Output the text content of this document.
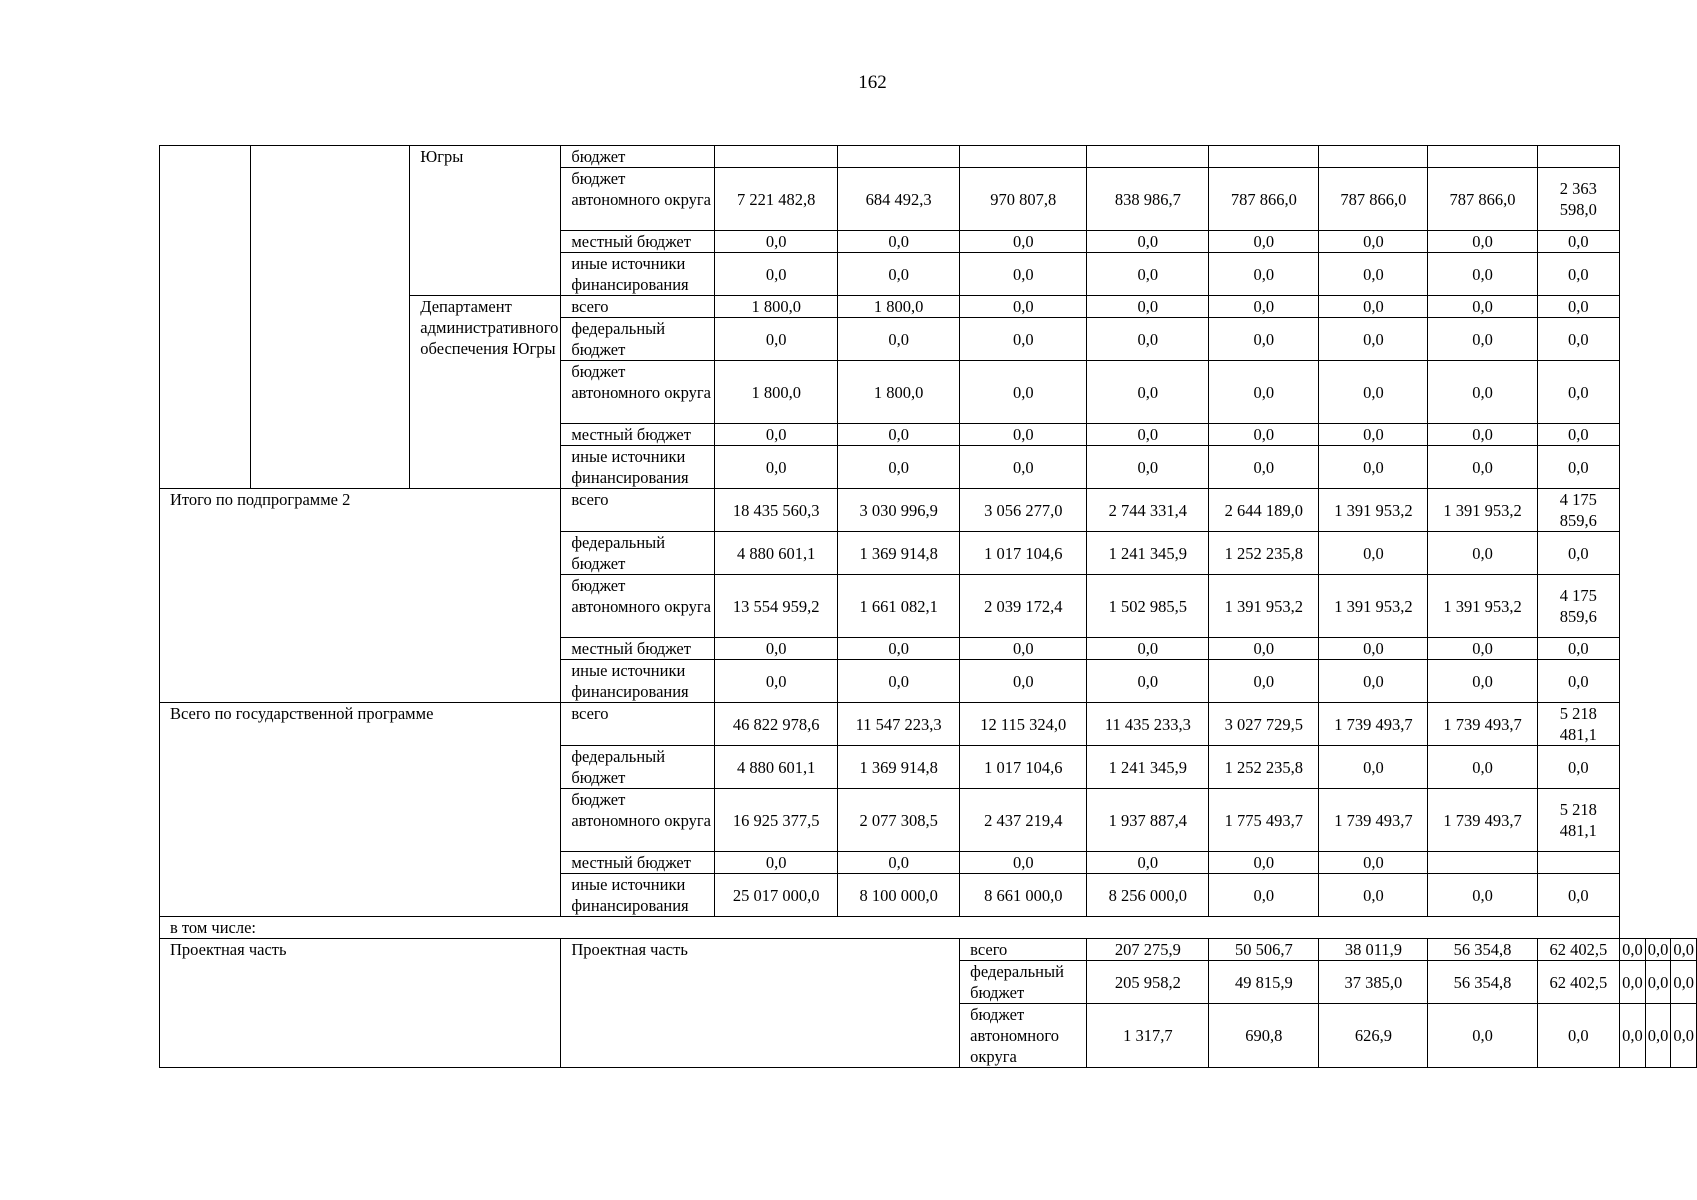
162
		Югры	бюджет											
			бюджет автономного округа	7 221 482,8	684 492,3	970 807,8	838 986,7	787 866,0	787 866,0	787 866,0	2 363 598,0			
			местный бюджет	0,0	0,0	0,0	0,0	0,0	0,0	0,0	0,0			
			иные источники финансирования	0,0	0,0	0,0	0,0	0,0	0,0	0,0	0,0			
		Департамент административного обеспечения Югры	всего	1 800,0	1 800,0	0,0	0,0	0,0	0,0	0,0	0,0			
			федеральный бюджет	0,0	0,0	0,0	0,0	0,0	0,0	0,0	0,0			
			бюджет автономного округа	1 800,0	1 800,0	0,0	0,0	0,0	0,0	0,0	0,0			
			местный бюджет	0,0	0,0	0,0	0,0	0,0	0,0	0,0	0,0			
			иные источники финансирования	0,0	0,0	0,0	0,0	0,0	0,0	0,0	0,0			
Итого по подпрограмме 2			всего	18 435 560,3	3 030 996,9	3 056 277,0	2 744 331,4	2 644 189,0	1 391 953,2	1 391 953,2	4 175 859,6			
			федеральный бюджет	4 880 601,1	1 369 914,8	1 017 104,6	1 241 345,9	1 252 235,8	0,0	0,0	0,0			
			бюджет автономного округа	13 554 959,2	1 661 082,1	2 039 172,4	1 502 985,5	1 391 953,2	1 391 953,2	1 391 953,2	4 175 859,6			
			местный бюджет	0,0	0,0	0,0	0,0	0,0	0,0	0,0	0,0			
			иные источники финансирования	0,0	0,0	0,0	0,0	0,0	0,0	0,0	0,0			
Всего по государственной программе			всего	46 822 978,6	11 547 223,3	12 115 324,0	11 435 233,3	3 027 729,5	1 739 493,7	1 739 493,7	5 218 481,1			
			федеральный бюджет	4 880 601,1	1 369 914,8	1 017 104,6	1 241 345,9	1 252 235,8	0,0	0,0	0,0			
			бюджет автономного округа	16 925 377,5	2 077 308,5	2 437 219,4	1 937 887,4	1 775 493,7	1 739 493,7	1 739 493,7	5 218 481,1			
			местный бюджет	0,0	0,0	0,0	0,0	0,0	0,0					
			иные источники финансирования	25 017 000,0	8 100 000,0	8 661 000,0	8 256 000,0	0,0	0,0	0,0	0,0			
в том числе:														
Проектная часть			Проектная часть			всего	207 275,9	50 506,7	38 011,9	56 354,8	62 402,5	0,0	0,0	0,0
						федеральный бюджет	205 958,2	49 815,9	37 385,0	56 354,8	62 402,5	0,0	0,0	0,0
						бюджет автономного округа	1 317,7	690,8	626,9	0,0	0,0	0,0	0,0	0,0
